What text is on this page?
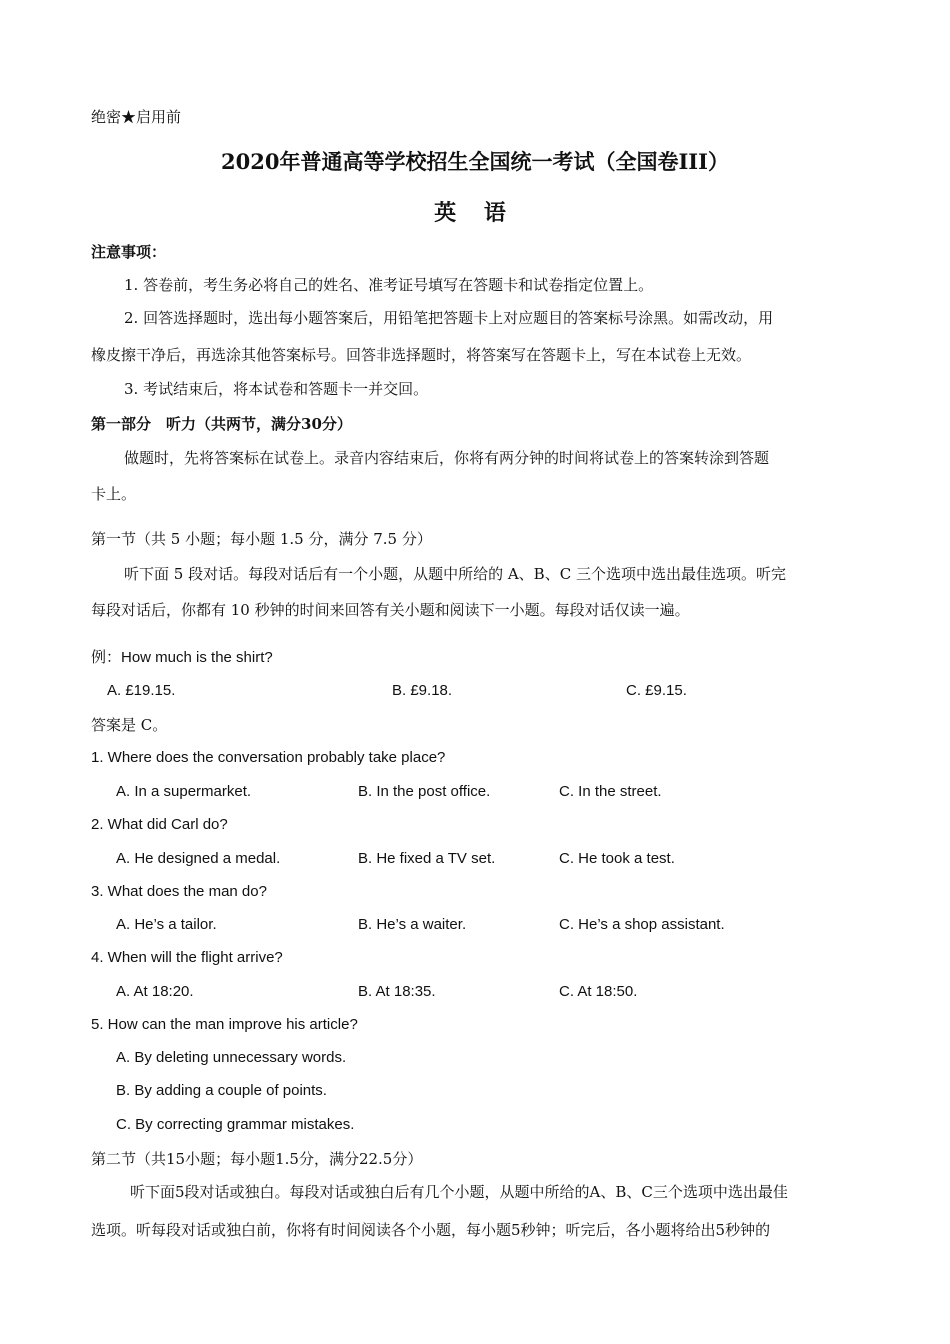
绝密★启用前
2020年普通高等学校招生全国统一考试（全国卷III）
英 语
注意事项：
1. 答卷前，考生务必将自己的姓名、准考证号填写在答题卡和试卷指定位置上。
2. 回答选择题时，选出每小题答案后，用铅笔把答题卡上对应题目的答案标号涂黑。如需改动，用
橡皮擦干净后，再选涂其他答案标号。回答非选择题时，将答案写在答题卡上，写在本试卷上无效。
3. 考试结束后，将本试卷和答题卡一并交回。
第一部分　听力（共两节，满分30分）
做题时，先将答案标在试卷上。录音内容结束后，你将有两分钟的时间将试卷上的答案转涂到答题
卡上。
第一节（共 5 小题；每小题 1.5 分，满分 7.5 分）
听下面 5 段对话。每段对话后有一个小题，从题中所给的 A、B、C 三个选项中选出最佳选项。听完
每段对话后，你都有 10 秒钟的时间来回答有关小题和阅读下一小题。每段对话仅读一遍。
例：How much is the shirt?
A. £19.15.	B. £9.18.	C. £9.15.
答案是 C。
1. Where does the conversation probably take place?
A. In a supermarket.	B. In the post office.	C. In the street.
2. What did Carl do?
A. He designed a medal.	B. He fixed a TV set.	C. He took a test.
3. What does the man do?
A. He’s a tailor.	B. He’s a waiter.	C. He’s a shop assistant.
4. When will the flight arrive?
A. At 18:20.	B. At 18:35.	C. At 18:50.
5. How can the man improve his article?
A. By deleting unnecessary words.
B. By adding a couple of points.
C. By correcting grammar mistakes.
第二节（共15小题；每小题1.5分，满分22.5分）
听下面5段对话或独白。每段对话或独白后有几个小题，从题中所给的A、B、C三个选项中选出最佳
选项。听每段对话或独白前，你将有时间阅读各个小题，每小题5秒钟；听完后，各小题将给出5秒钟的
